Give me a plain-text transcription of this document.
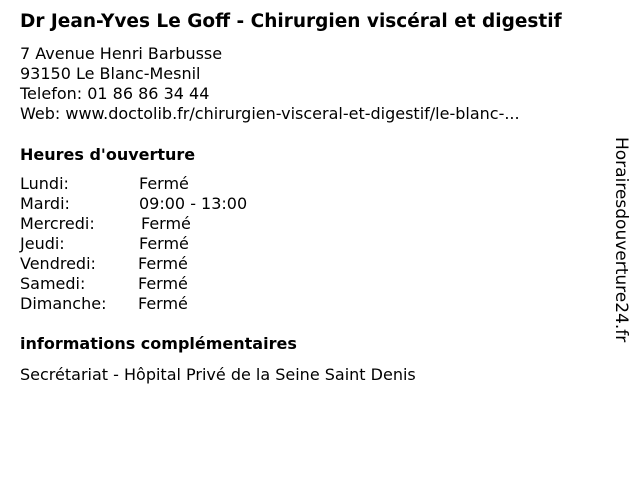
Dr Jean-Yves Le Goff - Chirurgien viscéral et digestif
7 Avenue Henri Barbusse
93150 Le Blanc-Mesnil
Telefon: 01 86 86 34 44
Web: www.doctolib.fr/chirurgien-visceral-et-digestif/le-blanc-...
Heures d'ouverture
Lundi:	Fermé
Mardi:	09:00 - 13:00
Mercredi:	Fermé
Jeudi:	Fermé
Vendredi:	Fermé
Samedi:	Fermé
Dimanche: Fermé
informations complémentaires
Secrétariat - Hôpital Privé de la Seine Saint Denis
Horairesdouverture24.fr
